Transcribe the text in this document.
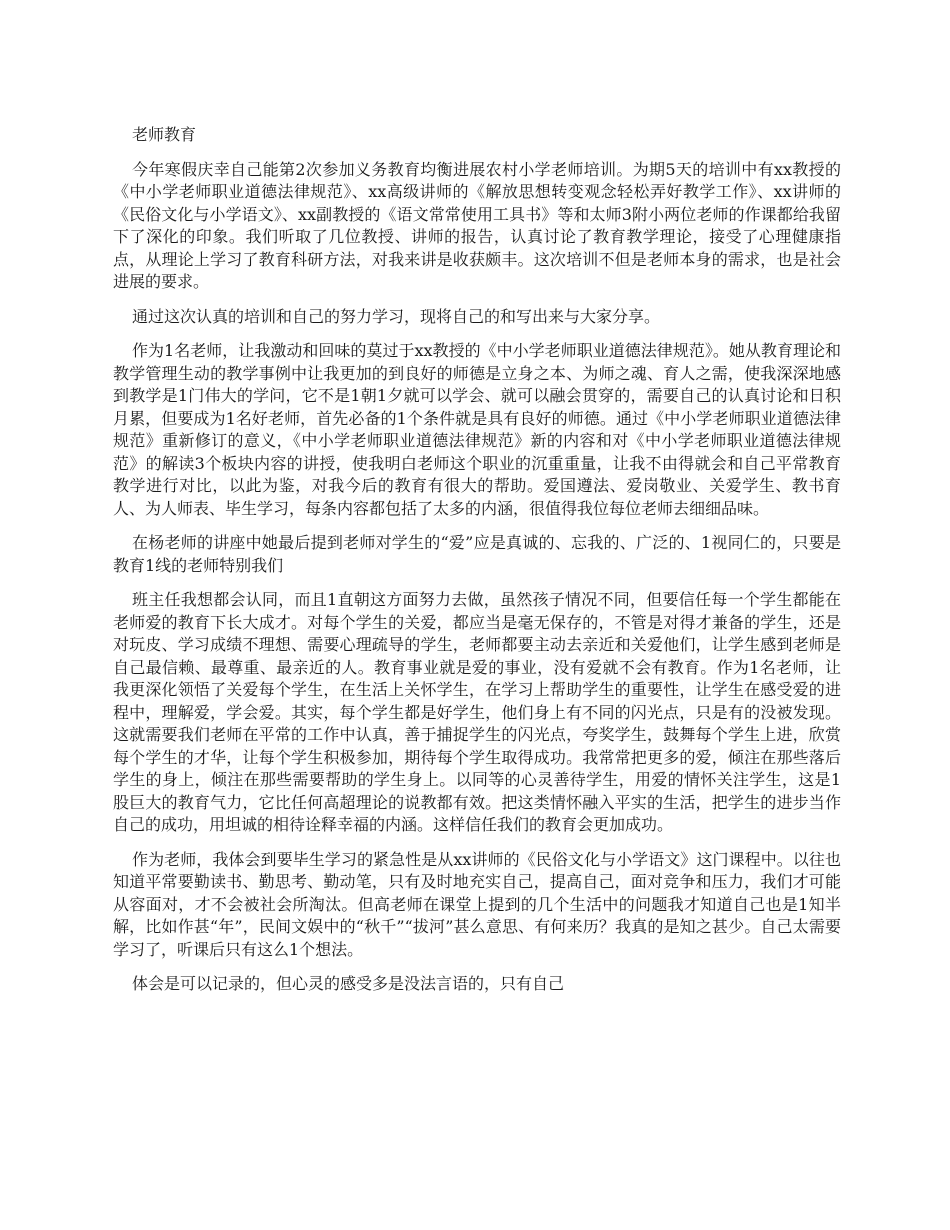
老师教育

今年寒假庆幸自己能第2次参加义务教育均衡进展农村小学老师培训。为期5天的培训中有xx教授的《中小学老师职业道德法律规范》、xx高级讲师的《解放思想转变观念轻松弄好教学工作》、xx讲师的《民俗文化与小学语文》、xx副教授的《语文常常使用工具书》等和太师3附小两位老师的作课都给我留下了深化的印象。我们听取了几位教授、讲师的报告，认真讨论了教育教学理论，接受了心理健康指点，从理论上学习了教育科研方法，对我来讲是收获颇丰。这次培训不但是老师本身的需求，也是社会进展的要求。

通过这次认真的培训和自己的努力学习，现将自己的和写出来与大家分享。

作为1名老师，让我激动和回味的莫过于xx教授的《中小学老师职业道德法律规范》。她从教育理论和教学管理生动的教学事例中让我更加的到良好的师德是立身之本、为师之魂、育人之需，使我深深地感到教学是1门伟大的学问，它不是1朝1夕就可以学会、就可以融会贯穿的，需要自己的认真讨论和日积月累，但要成为1名好老师，首先必备的1个条件就是具有良好的师德。通过《中小学老师职业道德法律规范》重新修订的意义，《中小学老师职业道德法律规范》新的内容和对《中小学老师职业道德法律规范》的解读3个板块内容的讲授，使我明白老师这个职业的沉重重量，让我不由得就会和自己平常教育教学进行对比，以此为鉴，对我今后的教育有很大的帮助。爱国遵法、爱岗敬业、关爱学生、教书育人、为人师表、毕生学习，每条内容都包括了太多的内涵，很值得我位每位老师去细细品味。

在杨老师的讲座中她最后提到老师对学生的“爱”应是真诚的、忘我的、广泛的、1视同仁的，只要是教育1线的老师特别我们

班主任我想都会认同，而且1直朝这方面努力去做，虽然孩子情况不同，但要信任每一个学生都能在老师爱的教育下长大成才。对每个学生的关爱，都应当是毫无保存的，不管是对得才兼备的学生，还是对玩皮、学习成绩不理想、需要心理疏导的学生，老师都要主动去亲近和关爱他们，让学生感到老师是自己最信赖、最尊重、最亲近的人。教育事业就是爱的事业，没有爱就不会有教育。作为1名老师，让我更深化领悟了关爱每个学生，在生活上关怀学生，在学习上帮助学生的重要性，让学生在感受爱的进程中，理解爱，学会爱。其实，每个学生都是好学生，他们身上有不同的闪光点，只是有的没被发现。这就需要我们老师在平常的工作中认真，善于捕捉学生的闪光点，夸奖学生，鼓舞每个学生上进，欣赏每个学生的才华，让每个学生积极参加，期待每个学生取得成功。我常常把更多的爱，倾注在那些落后学生的身上，倾注在那些需要帮助的学生身上。以同等的心灵善待学生，用爱的情怀关注学生，这是1股巨大的教育气力，它比任何高超理论的说教都有效。把这类情怀融入平实的生活，把学生的进步当作自己的成功，用坦诚的相待诠释幸福的内涵。这样信任我们的教育会更加成功。

作为老师，我体会到要毕生学习的紧急性是从xx讲师的《民俗文化与小学语文》这门课程中。以往也知道平常要勤读书、勤思考、勤动笔，只有及时地充实自己，提高自己，面对竞争和压力，我们才可能从容面对，才不会被社会所淘汰。但高老师在课堂上提到的几个生活中的问题我才知道自己也是1知半解，比如作甚“年”，民间文娱中的“秋千”“拔河”甚么意思、有何来历？我真的是知之甚少。自己太需要学习了，听课后只有这么1个想法。

体会是可以记录的，但心灵的感受多是没法言语的，只有自己
